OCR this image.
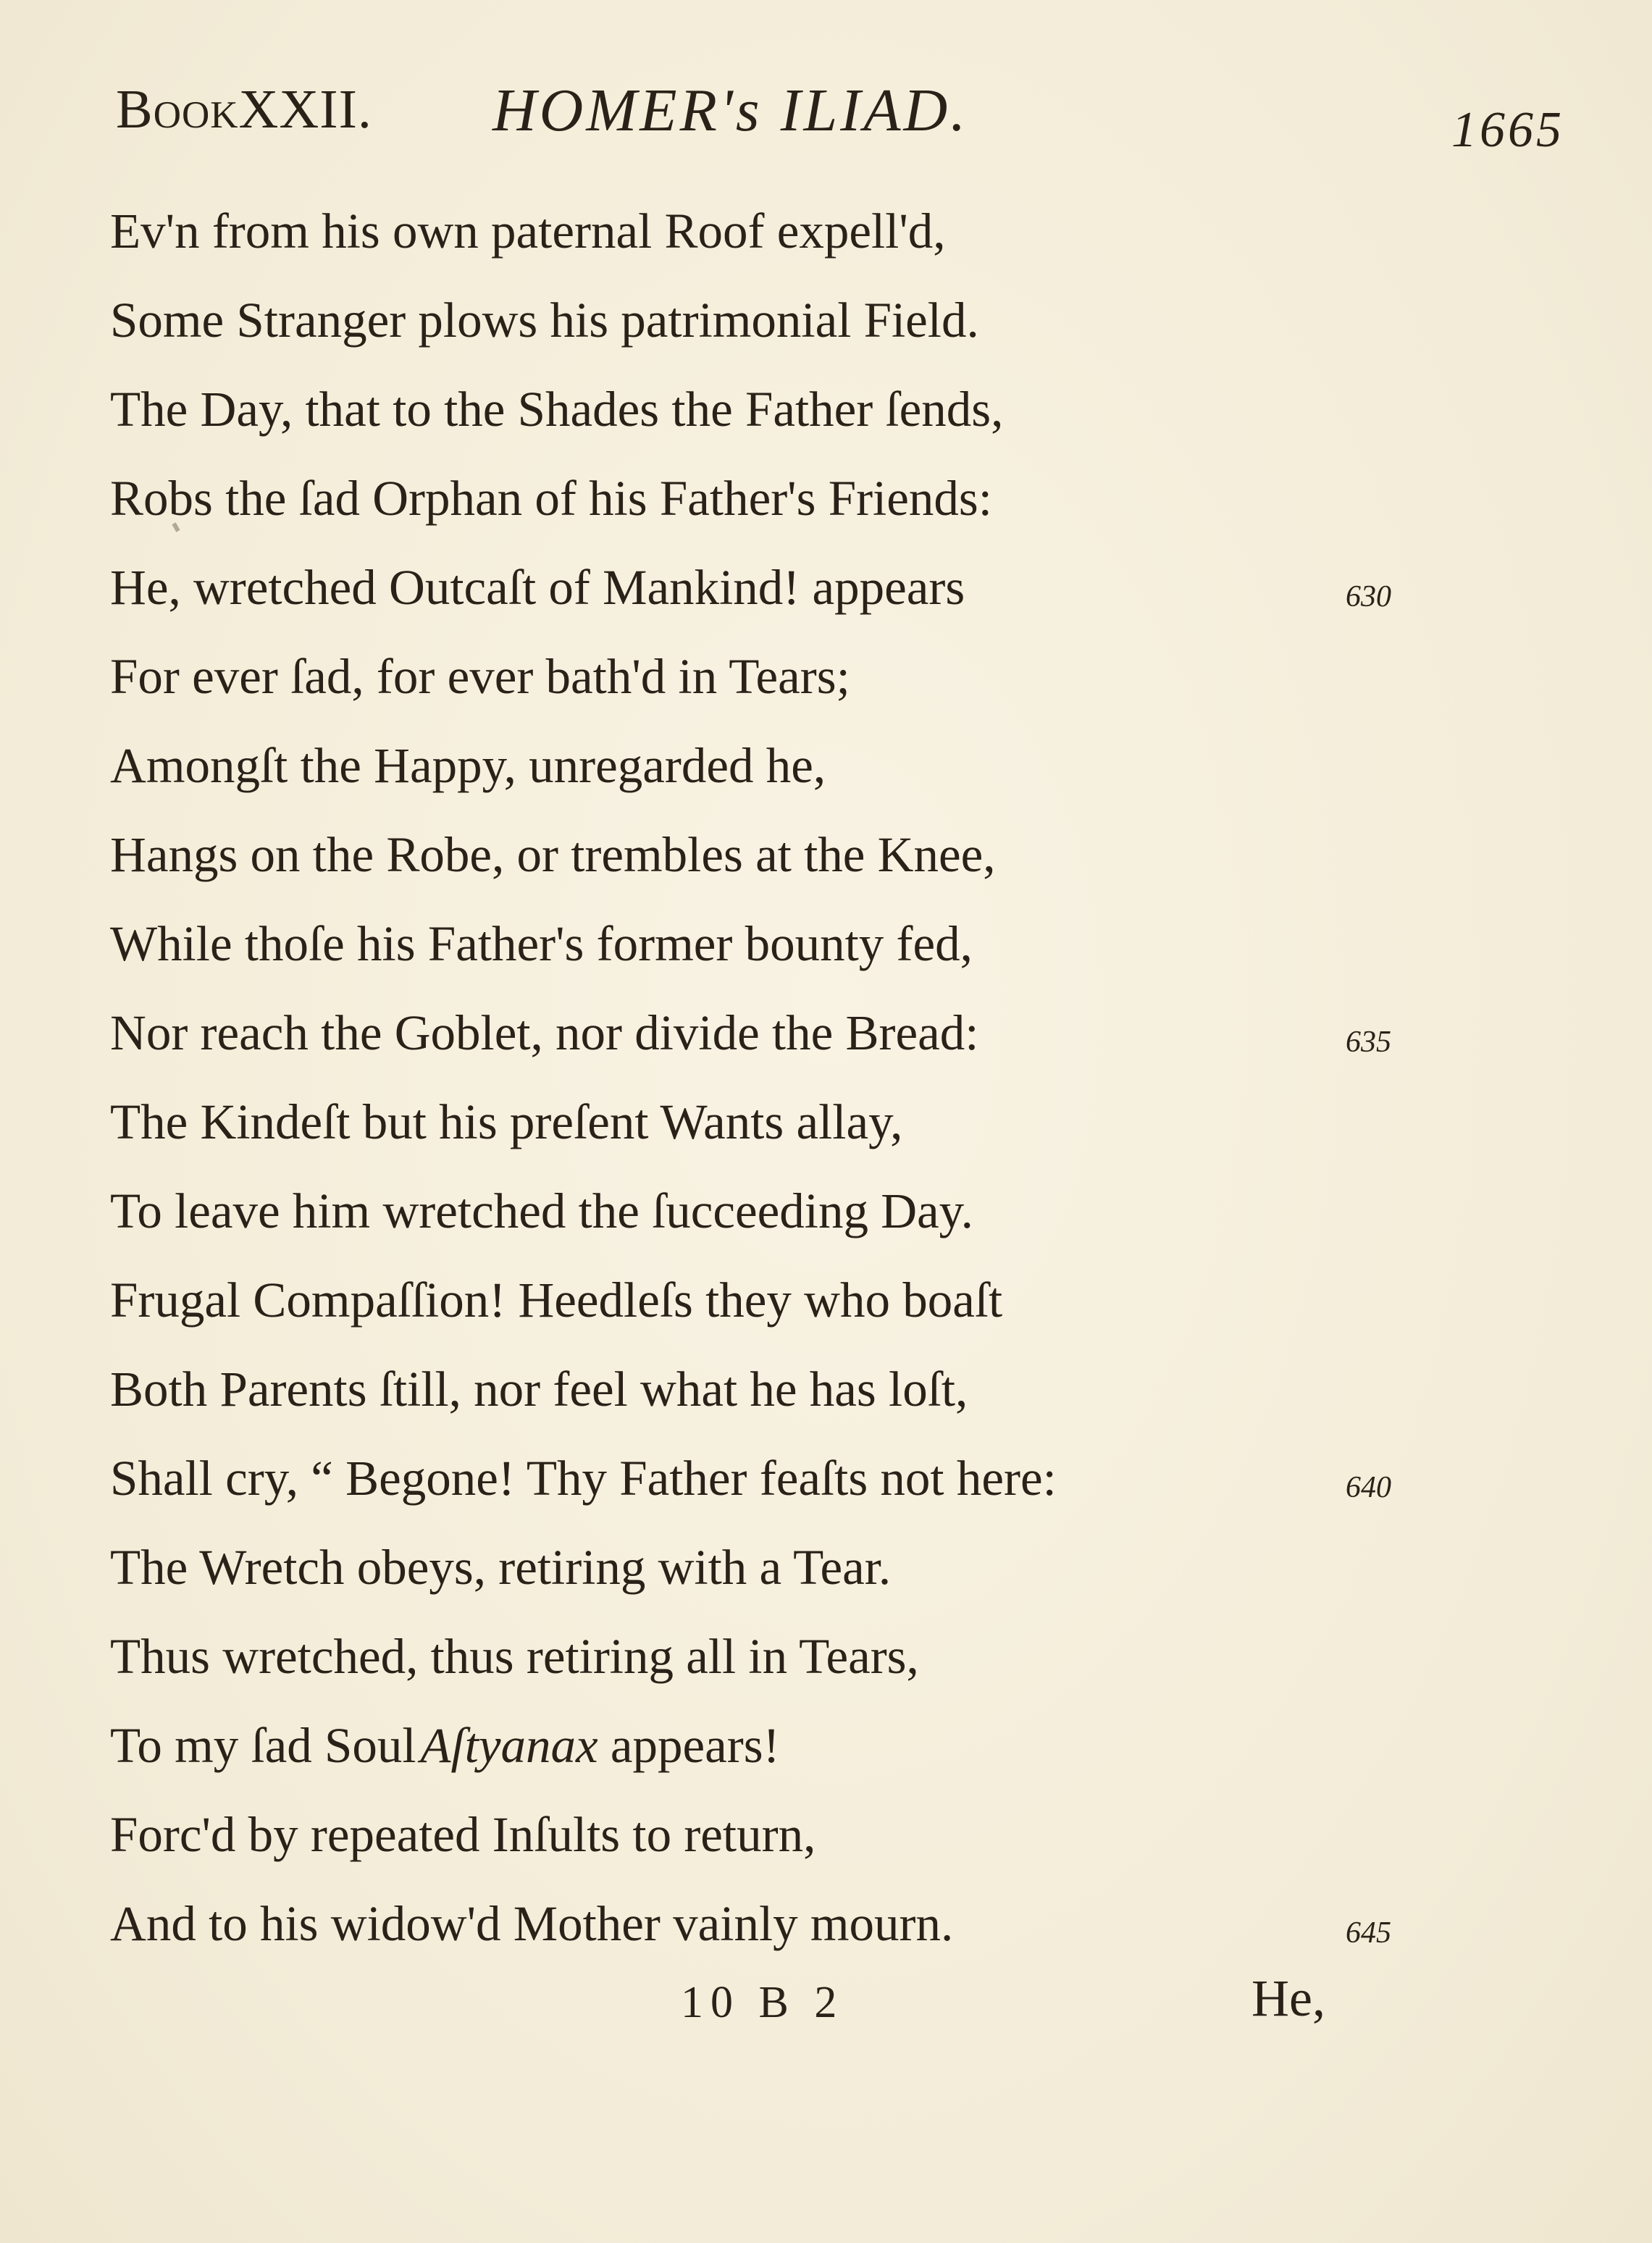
BookXXII. HOMER's ILIAD.	1665
Ev'n from his own paternal Roof expell'd,
Some Stranger plows his patrimonial Field.
The Day, that to the Shades the Father ſends,
Robs the ſad Orphan of his Father's Friends:
He, wretched Outcaſt of Mankind! appears
For ever ſad, for ever bath'd in Tears;
Amongſt the Happy, unregarded he,
Hangs on the Robe, or trembles at the Knee,
While thoſe his Father's former bounty fed,
Nor reach the Goblet, nor divide the Bread:
The Kindeſt but his preſent Wants allay,
To leave him wretched the ſucceeding Day.
Frugal Compaſſion! Heedleſs they who boaſt
Both Parents ſtill, nor feel what he has loſt,
Shall cry, “ Begone! Thy Father feaſts not here:
The Wretch obeys, retiring with a Tear.
Thus wretched, thus retiring all in Tears,
To my ſad Soul Aſtyanax appears!
Forc'd by repeated Inſults to return,
And to his widow'd Mother vainly mourn.
630
635
640
645
10 B 2	He,
